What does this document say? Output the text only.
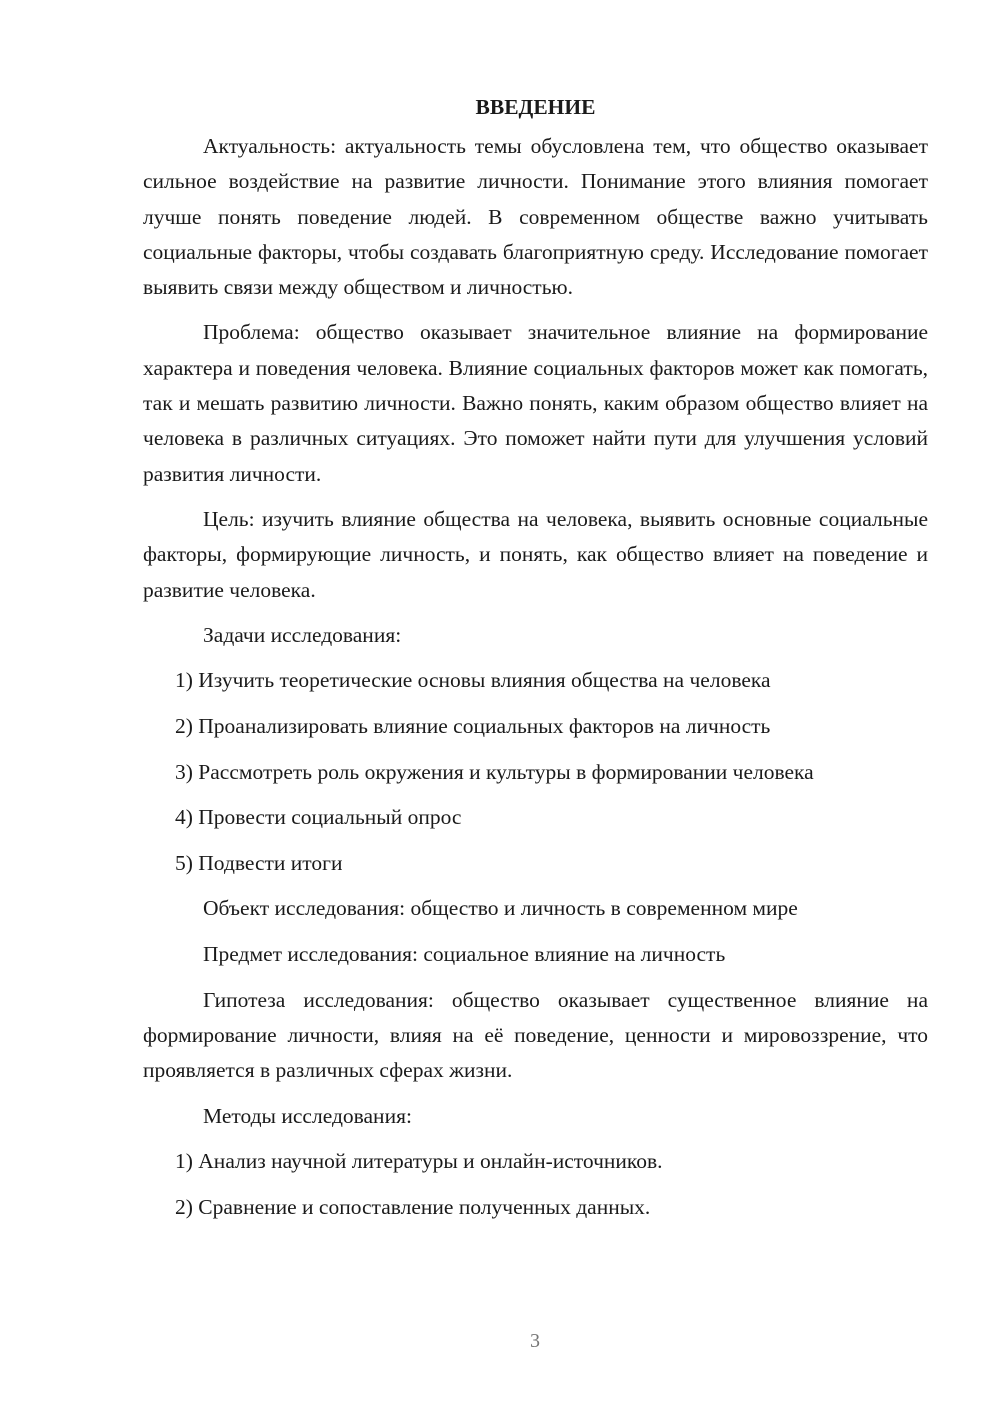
ВВЕДЕНИЕ

Актуальность: актуальность темы обусловлена тем, что общество оказывает сильное воздействие на развитие личности. Понимание этого влияния помогает лучше понять поведение людей. В современном обществе важно учитывать социальные факторы, чтобы создавать благоприятную среду. Исследование помогает выявить связи между обществом и личностью.

Проблема: общество оказывает значительное влияние на формирование характера и поведения человека. Влияние социальных факторов может как помогать, так и мешать развитию личности. Важно понять, каким образом общество влияет на человека в различных ситуациях. Это поможет найти пути для улучшения условий развития личности.

Цель: изучить влияние общества на человека, выявить основные социальные факторы, формирующие личность, и понять, как общество влияет на поведение и развитие человека.

Задачи исследования:

1) Изучить теоретические основы влияния общества на человека

2) Проанализировать влияние социальных факторов на личность

3) Рассмотреть роль окружения и культуры в формировании человека

4) Провести социальный опрос

5) Подвести итоги

Объект исследования: общество и личность в современном мире

Предмет исследования: социальное влияние на личность

Гипотеза исследования: общество оказывает существенное влияние на формирование личности, влияя на её поведение, ценности и мировоззрение, что проявляется в различных сферах жизни.

Методы исследования:

1) Анализ научной литературы и онлайн-источников.

2) Сравнение и сопоставление полученных данных.

3
